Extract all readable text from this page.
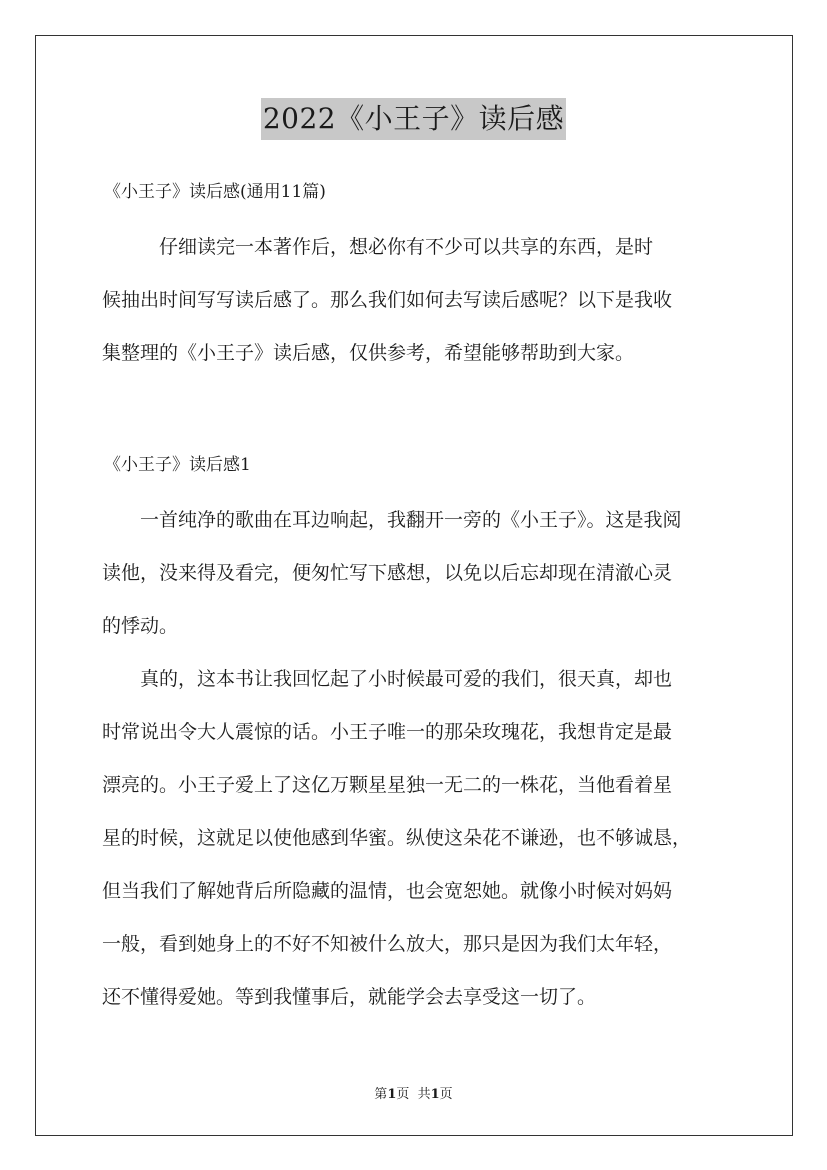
2022《小王子》读后感
《小王子》读后感(通用11篇)
　　　仔细读完一本著作后，想必你有不少可以共享的东西，是时
候抽出时间写写读后感了。那么我们如何去写读后感呢？以下是我收
集整理的《小王子》读后感，仅供参考，希望能够帮助到大家。
《小王子》读后感1
　　一首纯净的歌曲在耳边响起，我翻开一旁的《小王子》。这是我阅
读他，没来得及看完，便匆忙写下感想，以免以后忘却现在清澈心灵
的悸动。
　　真的，这本书让我回忆起了小时候最可爱的我们，很天真，却也
时常说出令大人震惊的话。小王子唯一的那朵玫瑰花，我想肯定是最
漂亮的。小王子爱上了这亿万颗星星独一无二的一株花，当他看着星
星的时候，这就足以使他感到华蜜。纵使这朵花不谦逊，也不够诚恳，
但当我们了解她背后所隐藏的温情，也会宽恕她。就像小时候对妈妈
一般，看到她身上的不好不知被什么放大，那只是因为我们太年轻，
还不懂得爱她。等到我懂事后，就能学会去享受这一切了。
第1页  共1页
